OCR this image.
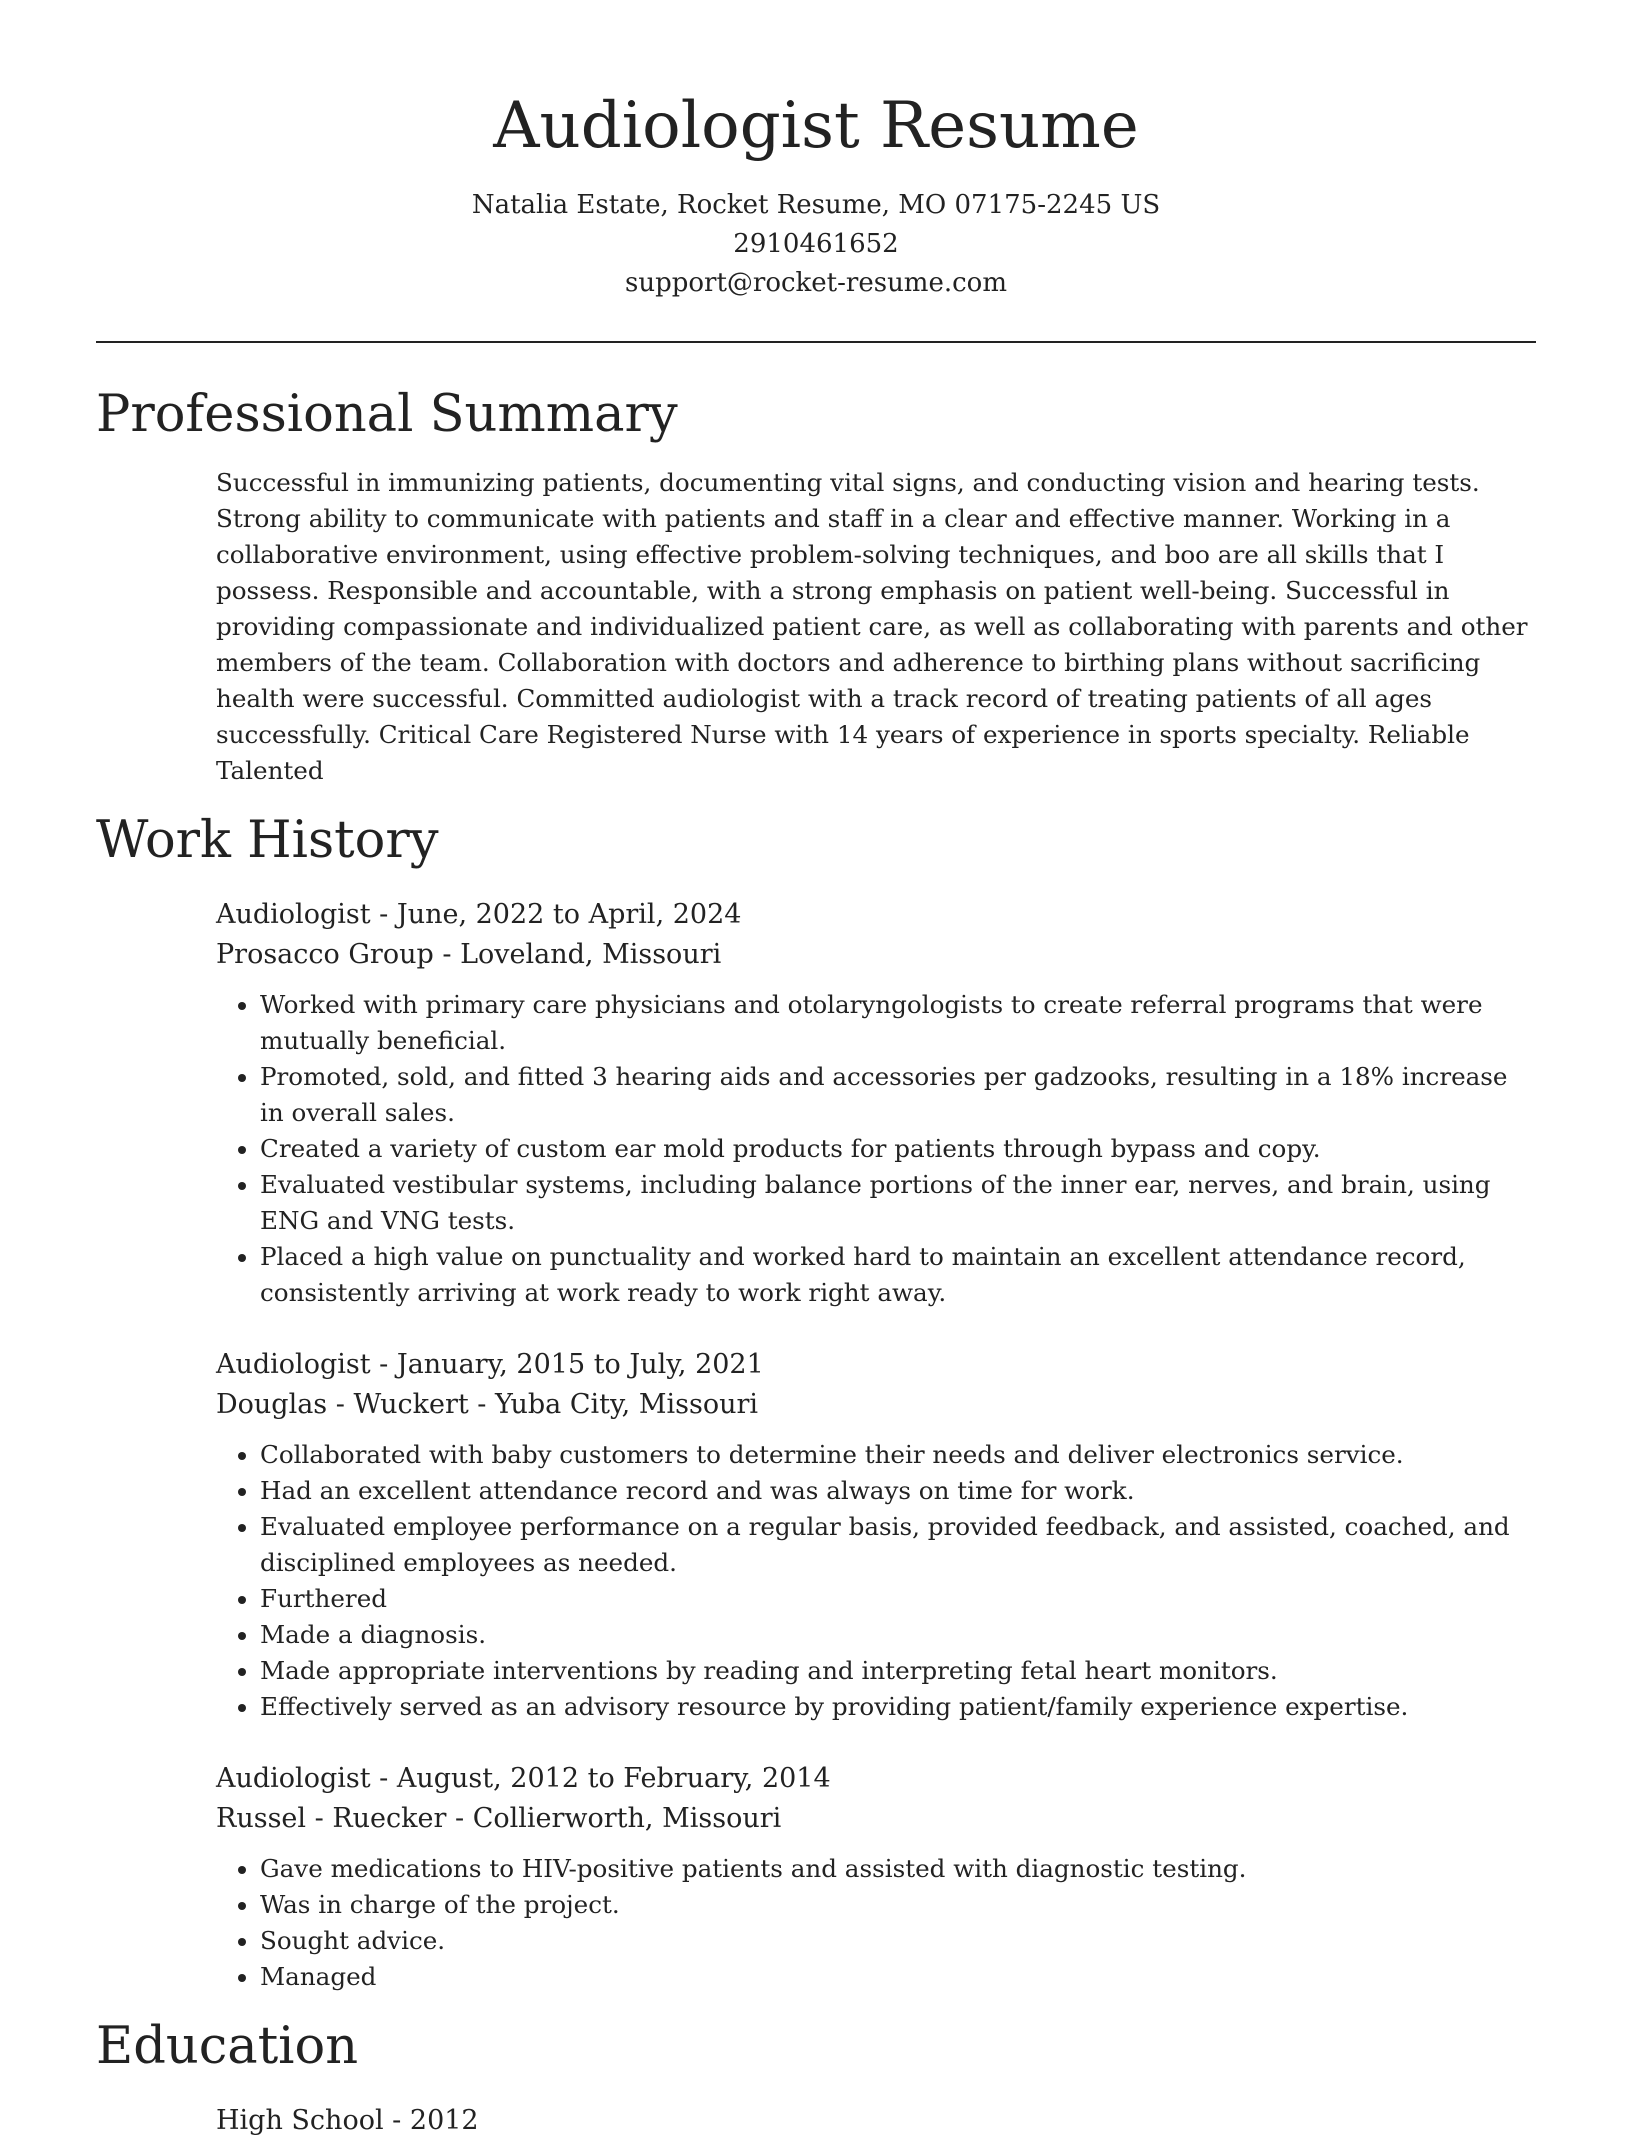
Audiologist Resume
Natalia Estate, Rocket Resume, MO 07175-2245 US
2910461652
support@rocket-resume.com
Professional Summary

Successful in immunizing patients, documenting vital signs, and conducting vision and hearing tests. Strong ability to communicate with patients and staff in a clear and effective manner. Working in a collaborative environment, using effective problem-solving techniques, and boo are all skills that I possess. Responsible and accountable, with a strong emphasis on patient well-being. Successful in providing compassionate and individualized patient care, as well as collaborating with parents and other members of the team. Collaboration with doctors and adherence to birthing plans without sacrificing health were successful. Committed audiologist with a track record of treating patients of all ages successfully. Critical Care Registered Nurse with 14 years of experience in sports specialty. Reliable Talented

Work History
Audiologist - June, 2022 to April, 2024
Prosacco Group - Loveland, Missouri
• Worked with primary care physicians and otolaryngologists to create referral programs that were mutually beneficial.
• Promoted, sold, and fitted 3 hearing aids and accessories per gadzooks, resulting in a 18% increase in overall sales.
• Created a variety of custom ear mold products for patients through bypass and copy.
• Evaluated vestibular systems, including balance portions of the inner ear, nerves, and brain, using ENG and VNG tests.
• Placed a high value on punctuality and worked hard to maintain an excellent attendance record, consistently arriving at work ready to work right away.
Audiologist - January, 2015 to July, 2021
Douglas - Wuckert - Yuba City, Missouri
• Collaborated with baby customers to determine their needs and deliver electronics service.
• Had an excellent attendance record and was always on time for work.
• Evaluated employee performance on a regular basis, provided feedback, and assisted, coached, and disciplined employees as needed.
• Furthered
• Made a diagnosis.
• Made appropriate interventions by reading and interpreting fetal heart monitors.
• Effectively served as an advisory resource by providing patient/family experience expertise.
Audiologist - August, 2012 to February, 2014
Russel - Ruecker - Collierworth, Missouri
• Gave medications to HIV-positive patients and assisted with diagnostic testing.
• Was in charge of the project.
• Sought advice.
• Managed
Education
High School - 2012
